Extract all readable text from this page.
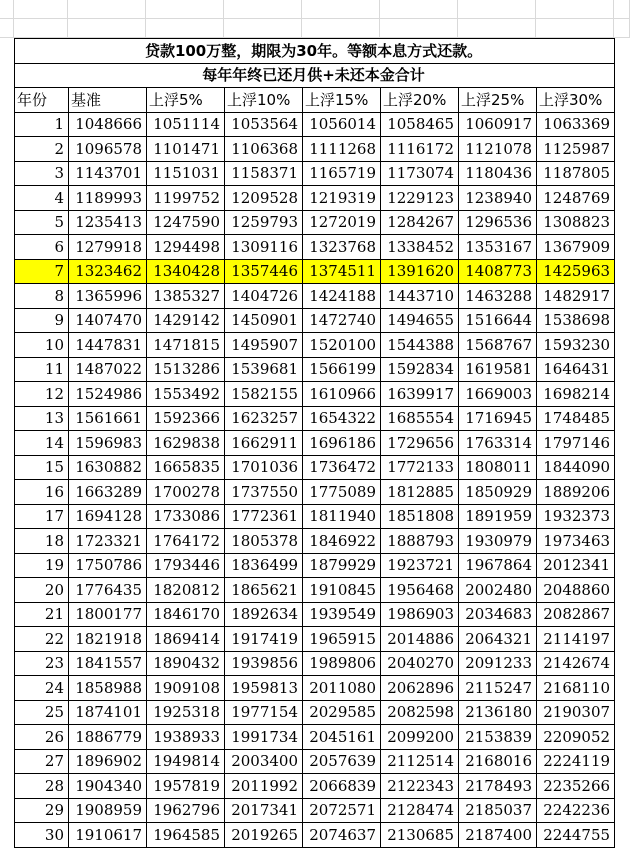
贷款100万整，期限为30年。等额本息方式还款。							
每年年终已还月供+未还本金合计							
年份	基准	上浮5%	上浮10%	上浮15%	上浮20%	上浮25%	上浮30%
1	1048666	1051114	1053564	1056014	1058465	1060917	1063369
2	1096578	1101471	1106368	1111268	1116172	1121078	1125987
3	1143701	1151031	1158371	1165719	1173074	1180436	1187805
4	1189993	1199752	1209528	1219319	1229123	1238940	1248769
5	1235413	1247590	1259793	1272019	1284267	1296536	1308823
6	1279918	1294498	1309116	1323768	1338452	1353167	1367909
7	1323462	1340428	1357446	1374511	1391620	1408773	1425963
8	1365996	1385327	1404726	1424188	1443710	1463288	1482917
9	1407470	1429142	1450901	1472740	1494655	1516644	1538698
10	1447831	1471815	1495907	1520100	1544388	1568767	1593230
11	1487022	1513286	1539681	1566199	1592834	1619581	1646431
12	1524986	1553492	1582155	1610966	1639917	1669003	1698214
13	1561661	1592366	1623257	1654322	1685554	1716945	1748485
14	1596983	1629838	1662911	1696186	1729656	1763314	1797146
15	1630882	1665835	1701036	1736472	1772133	1808011	1844090
16	1663289	1700278	1737550	1775089	1812885	1850929	1889206
17	1694128	1733086	1772361	1811940	1851808	1891959	1932373
18	1723321	1764172	1805378	1846922	1888793	1930979	1973463
19	1750786	1793446	1836499	1879929	1923721	1967864	2012341
20	1776435	1820812	1865621	1910845	1956468	2002480	2048860
21	1800177	1846170	1892634	1939549	1986903	2034683	2082867
22	1821918	1869414	1917419	1965915	2014886	2064321	2114197
23	1841557	1890432	1939856	1989806	2040270	2091233	2142674
24	1858988	1909108	1959813	2011080	2062896	2115247	2168110
25	1874101	1925318	1977154	2029585	2082598	2136180	2190307
26	1886779	1938933	1991734	2045161	2099200	2153839	2209052
27	1896902	1949814	2003400	2057639	2112514	2168016	2224119
28	1904340	1957819	2011992	2066839	2122343	2178493	2235266
29	1908959	1962796	2017341	2072571	2128474	2185037	2242236
30	1910617	1964585	2019265	2074637	2130685	2187400	2244755
